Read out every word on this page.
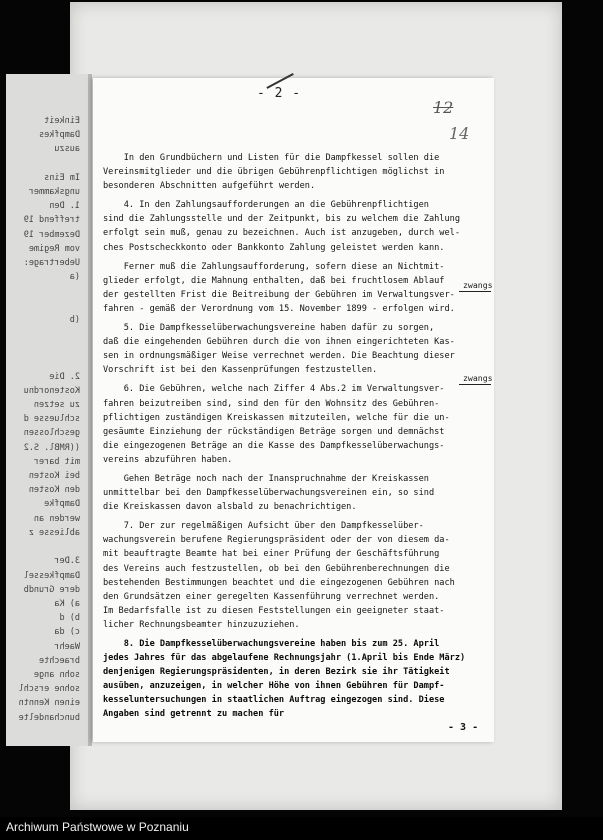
Einkeit
Dampfkes
auszu

Im Eins
ungskammer
1. Den
treffend 19
Dezember 19
vom Regime
Uebertrage:
(a

(b

2. Die
Kostenordnu
zu setzen
schluesse d
geschlossen
((RMBl. S.2
mit barer
bei Kosten
den Kosten
Dampfke
werden an
abliesse z

3.Der
Dampfkessel
dere Grundb
a) Ka
b) d
c) da
Waehr
braechte
sohn ange
sohne erschl
einen Kenntn
bunchandelte
- 2 -
12
14

In den Grundbüchern und Listen für die Dampfkessel sollen die
Vereinsmitglieder und die übrigen Gebührenpflichtigen möglichst in
besonderen Abschnitten aufgeführt werden.

4. In den Zahlungsaufforderungen an die Gebührenpflichtigen
sind die Zahlungsstelle und der Zeitpunkt, bis zu welchem die Zahlung
erfolgt sein muß, genau zu bezeichnen. Auch ist anzugeben, durch wel-
ches Postscheckkonto oder Bankkonto Zahlung geleistet werden kann.

Ferner muß die Zahlungsaufforderung, sofern diese an Nichtmit-
glieder erfolgt, die Mahnung enthalten, daß bei fruchtlosem Ablauf
der gestellten Frist die Beitreibung der Gebühren im Verwaltungsver-
fahren - gemäß der Verordnung vom 15. November 1899 - erfolgen wird.

5. Die Dampfkesselüberwachungsvereine haben dafür zu sorgen,
daß die eingehenden Gebühren durch die von ihnen eingerichteten Kas-
sen in ordnungsmäßiger Weise verrechnet werden. Die Beachtung dieser
Vorschrift ist bei den Kassenprüfungen festzustellen.

6. Die Gebühren, welche nach Ziffer 4 Abs.2 im Verwaltungsver-
fahren beizutreiben sind, sind den für den Wohnsitz des Gebühren-
pflichtigen zuständigen Kreiskassen mitzuteilen, welche für die un-
gesäumte Einziehung der rückständigen Beträge sorgen und demnächst
die eingezogenen Beträge an die Kasse des Dampfkesselüberwachungs-
vereins abzuführen haben.

Gehen Beträge noch nach der Inanspruchnahme der Kreiskassen
unmittelbar bei den Dampfkesselüberwachungsvereinen ein, so sind
die Kreiskassen davon alsbald zu benachrichtigen.

7. Der zur regelmäßigen Aufsicht über den Dampfkesselüber-
wachungsverein berufene Regierungspräsident oder der von diesem da-
mit beauftragte Beamte hat bei einer Prüfung der Geschäftsführung
des Vereins auch festzustellen, ob bei den Gebührenberechnungen die
bestehenden Bestimmungen beachtet und die eingezogenen Gebühren nach
den Grundsätzen einer geregelten Kassenführung verrechnet werden.
Im Bedarfsfalle ist zu diesen Feststellungen ein geeigneter staat-
licher Rechnungsbeamter hinzuzuziehen.

8. Die Dampfkesselüberwachungsvereine haben bis zum 25. April
jedes Jahres für das abgelaufene Rechnungsjahr (1.April bis Ende März)
denjenigen Regierungspräsidenten, in deren Bezirk sie ihr Tätigkeit
ausüben, anzuzeigen, in welcher Höhe von ihnen Gebühren für Dampf-
kesseluntersuchungen in staatlichen Auftrag eingezogen sind. Diese
Angaben sind getrennt zu machen für

zwangs
zwangs
- 3 -
Archiwum Państwowe w Poznaniu
